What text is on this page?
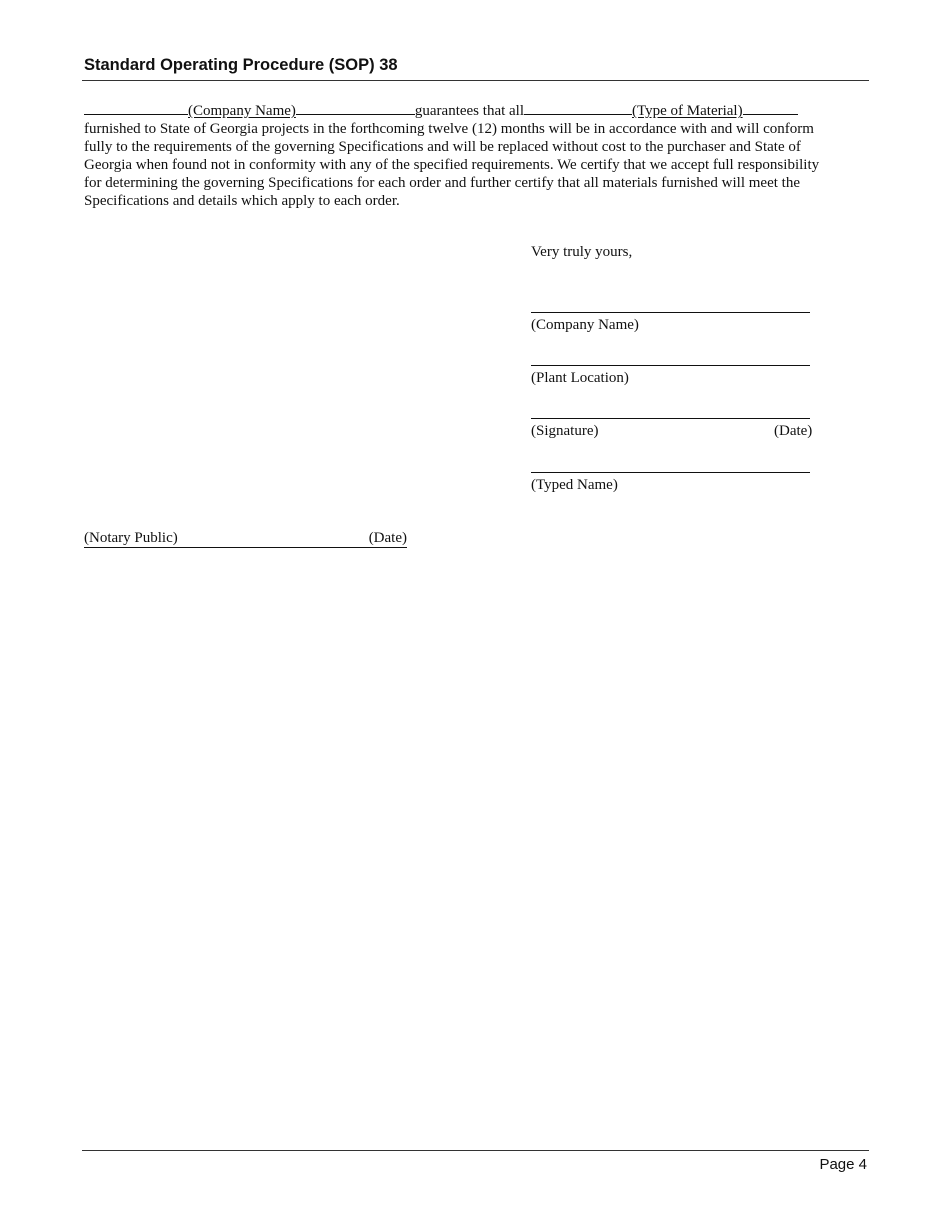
Standard Operating Procedure (SOP) 38
(Company Name)	guarantees that all	(Type of Material)
furnished to State of Georgia projects in the forthcoming twelve (12) months will be in accordance with and will conform
fully to the requirements of the governing Specifications and will be replaced without cost to the purchaser and State of
Georgia when found not in conformity with any of the specified requirements. We certify that we accept full responsibility
for determining the governing Specifications for each order and further certify that all materials furnished will meet the
Specifications and details which apply to each order.
Very truly yours,
(Company Name)
(Plant Location)
(Signature)	(Date)
(Typed Name)
(Notary Public)	(Date)
Page 4
